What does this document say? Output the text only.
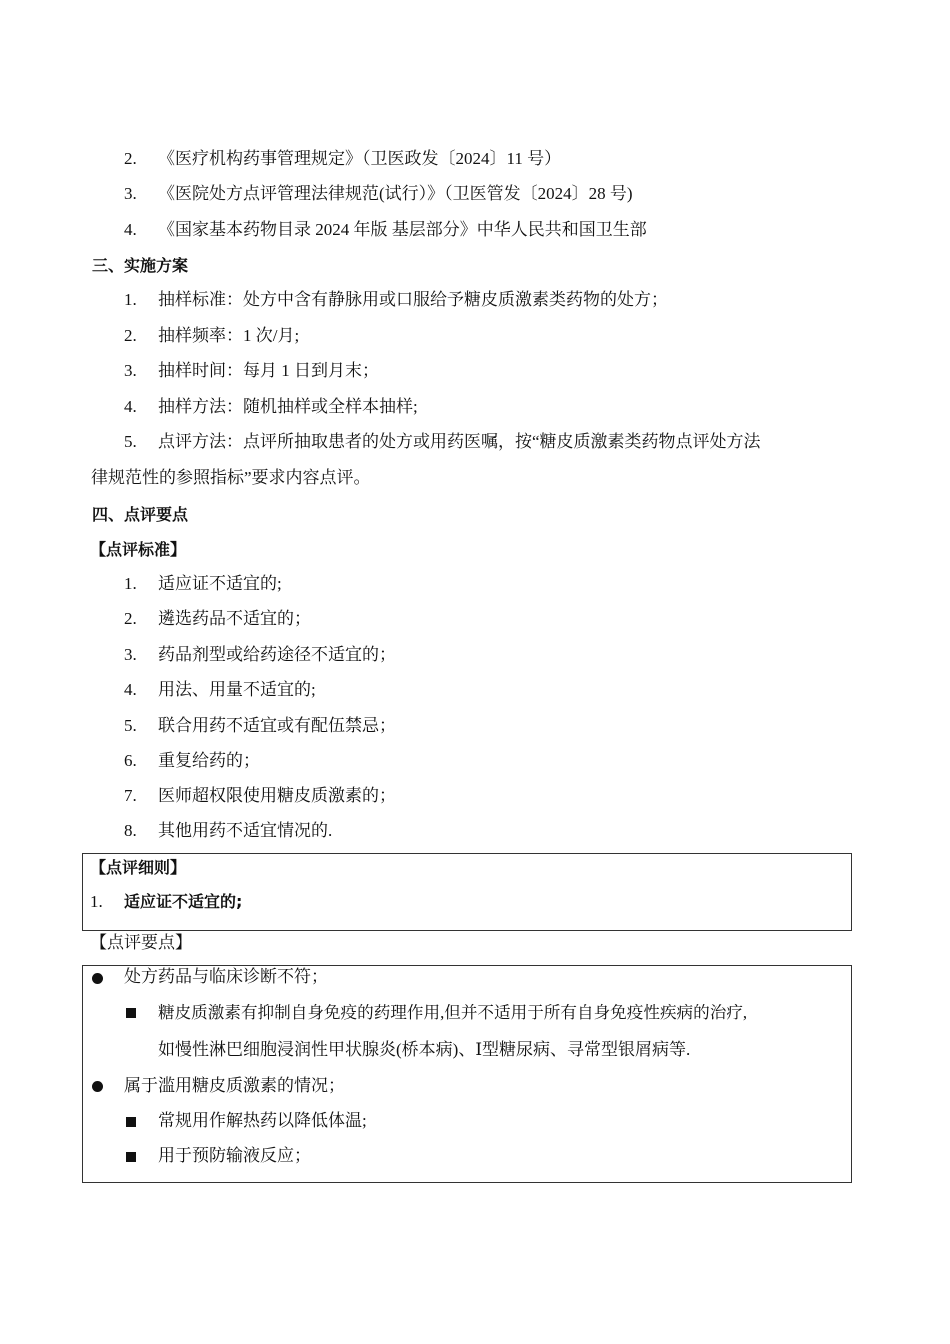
2. 《医疗机构药事管理规定》（卫医政发〔2024〕11 号）
3. 《医院处方点评管理法律规范(试行）》（卫医管发〔2024〕28 号)
4. 《国家基本药物目录 2024 年版 基层部分》中华人民共和国卫生部
三、实施方案
1. 抽样标准：处方中含有静脉用或口服给予糖皮质激素类药物的处方；
2. 抽样频率：1 次/月;
3. 抽样时间：每月 1 日到月末；
4. 抽样方法：随机抽样或全样本抽样;
5. 点评方法：点评所抽取患者的处方或用药医嘱，按“糖皮质激素类药物点评处方法
律规范性的参照指标”要求内容点评。
四、点评要点
【点评标准】
1. 适应证不适宜的;
2. 遴选药品不适宜的；
3. 药品剂型或给药途径不适宜的；
4. 用法、用量不适宜的;
5. 联合用药不适宜或有配伍禁忌；
6. 重复给药的；
7. 医师超权限使用糖皮质激素的；
8. 其他用药不适宜情况的.
【点评细则】
1. 适应证不适宜的;
【点评要点】
处方药品与临床诊断不符；
糖皮质激素有抑制自身免疫的药理作用,但并不适用于所有自身免疫性疾病的治疗,
如慢性淋巴细胞浸润性甲状腺炎(桥本病)、Ⅰ型糖尿病、寻常型银屑病等.
属于滥用糖皮质激素的情况；
常规用作解热药以降低体温;
用于预防输液反应；
